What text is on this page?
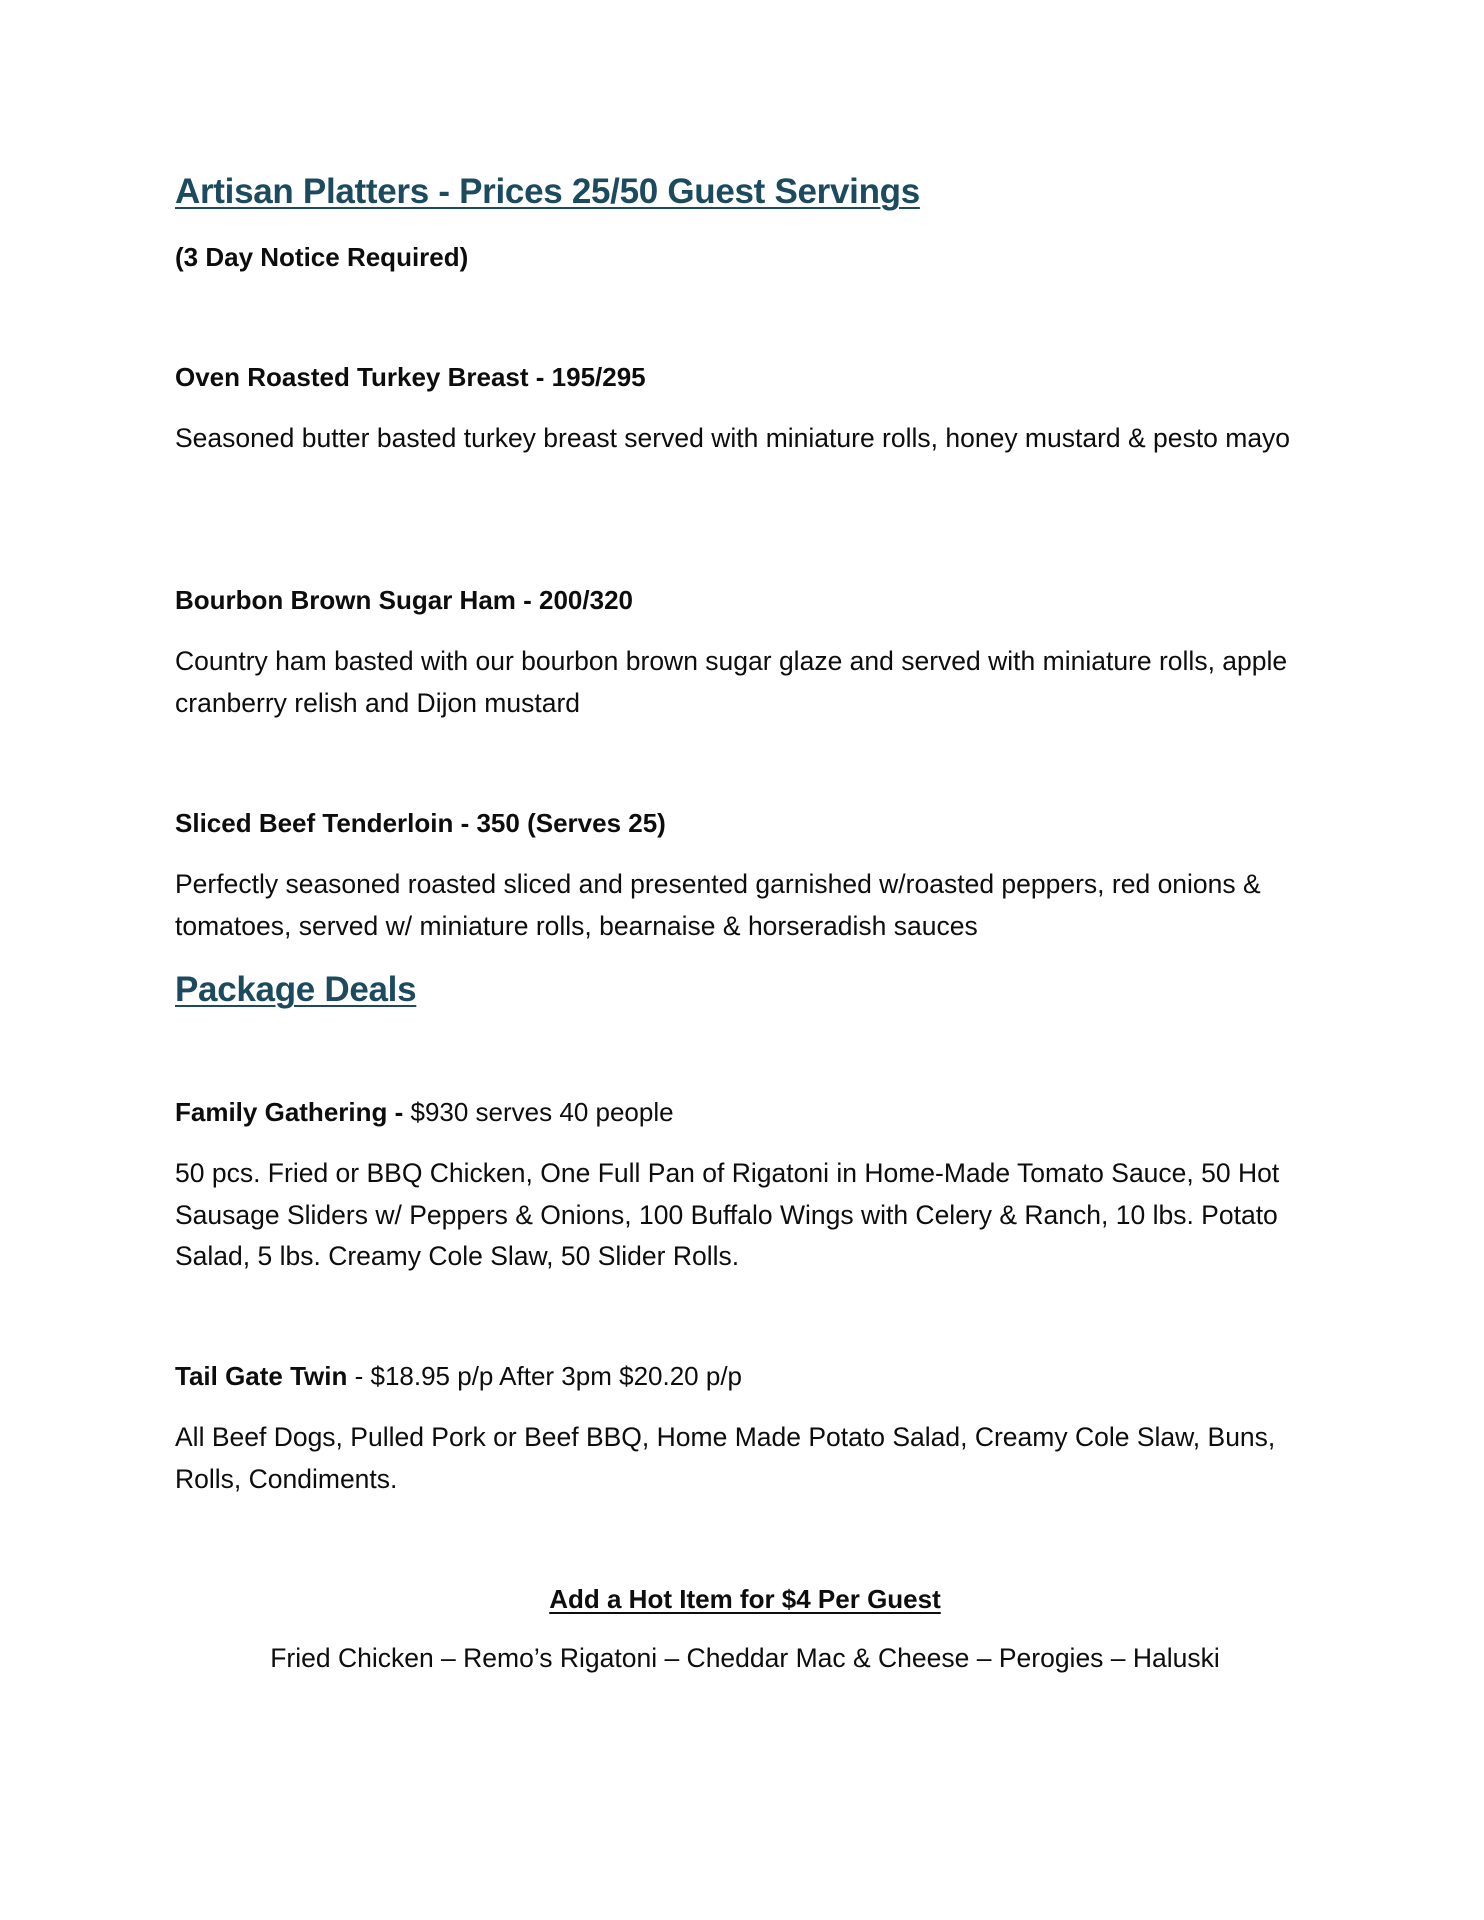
Artisan Platters - Prices 25/50 Guest Servings

(3 Day Notice Required)

Oven Roasted Turkey Breast - 195/295

Seasoned butter basted turkey breast served with miniature rolls, honey mustard & pesto mayo

Bourbon Brown Sugar Ham - 200/320

Country ham basted with our bourbon brown sugar glaze and served with miniature rolls, apple cranberry relish and Dijon mustard

Sliced Beef Tenderloin - 350 (Serves 25)

Perfectly seasoned roasted sliced and presented garnished w/roasted peppers, red onions & tomatoes, served w/ miniature rolls, bearnaise & horseradish sauces

Package Deals

Family Gathering - $930 serves 40 people

50 pcs. Fried or BBQ Chicken, One Full Pan of Rigatoni in Home-Made Tomato Sauce, 50 Hot Sausage Sliders w/ Peppers & Onions, 100 Buffalo Wings with Celery & Ranch, 10 lbs. Potato Salad, 5 lbs. Creamy Cole Slaw, 50 Slider Rolls.

Tail Gate Twin - $18.95 p/p After 3pm $20.20 p/p

All Beef Dogs, Pulled Pork or Beef BBQ, Home Made Potato Salad, Creamy Cole Slaw, Buns, Rolls, Condiments.

Add a Hot Item for $4 Per Guest

Fried Chicken – Remo’s Rigatoni – Cheddar Mac & Cheese – Perogies – Haluski
